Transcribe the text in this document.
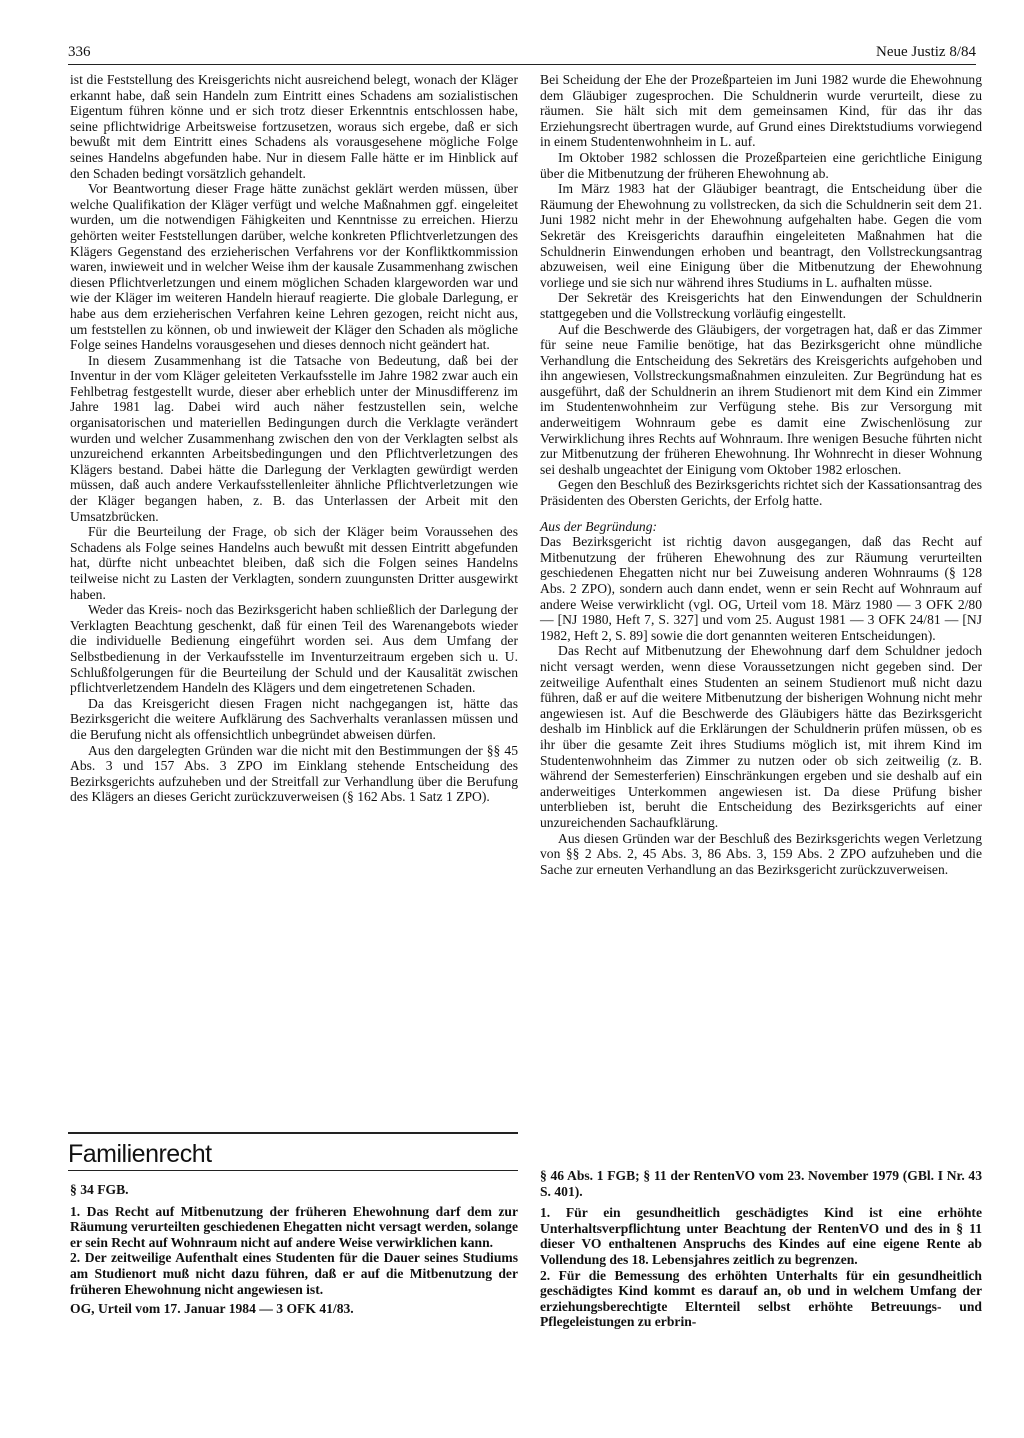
336	Neue Justiz 8/84

ist die Feststellung des Kreisgerichts nicht ausreichend belegt, wonach der Kläger erkannt habe, daß sein Handeln zum Eintritt eines Schadens am sozialistischen Eigentum führen könne und er sich trotz dieser Erkenntnis entschlossen habe, seine pflichtwidrige Arbeitsweise fortzusetzen, woraus sich ergebe, daß er sich bewußt mit dem Eintritt eines Schadens als vorausgesehene mögliche Folge seines Handelns abgefunden habe. Nur in diesem Falle hätte er im Hinblick auf den Schaden bedingt vorsätzlich gehandelt.

Vor Beantwortung dieser Frage hätte zunächst geklärt werden müssen, über welche Qualifikation der Kläger verfügt und welche Maßnahmen ggf. eingeleitet wurden, um die notwendigen Fähigkeiten und Kenntnisse zu erreichen. Hierzu gehörten weiter Feststellungen darüber, welche konkreten Pflichtverletzungen des Klägers Gegenstand des erzieherischen Verfahrens vor der Konfliktkommission waren, inwieweit und in welcher Weise ihm der kausale Zusammenhang zwischen diesen Pflichtverletzungen und einem möglichen Schaden klargeworden war und wie der Kläger im weiteren Handeln hierauf reagierte. Die globale Darlegung, er habe aus dem erzieherischen Verfahren keine Lehren gezogen, reicht nicht aus, um feststellen zu können, ob und inwieweit der Kläger den Schaden als mögliche Folge seines Handelns vorausgesehen und dieses dennoch nicht geändert hat.

In diesem Zusammenhang ist die Tatsache von Bedeutung, daß bei der Inventur in der vom Kläger geleiteten Verkaufsstelle im Jahre 1982 zwar auch ein Fehlbetrag festgestellt wurde, dieser aber erheblich unter der Minusdifferenz im Jahre 1981 lag. Dabei wird auch näher festzustellen sein, welche organisatorischen und materiellen Bedingungen durch die Verklagte verändert wurden und welcher Zusammenhang zwischen den von der Verklagten selbst als unzureichend erkannten Arbeitsbedingungen und den Pflichtverletzungen des Klägers bestand. Dabei hätte die Darlegung der Verklagten gewürdigt werden müssen, daß auch andere Verkaufsstellenleiter ähnliche Pflichtverletzungen wie der Kläger begangen haben, z. B. das Unterlassen der Arbeit mit den Umsatzbrücken.

Für die Beurteilung der Frage, ob sich der Kläger beim Voraussehen des Schadens als Folge seines Handelns auch bewußt mit dessen Eintritt abgefunden hat, dürfte nicht unbeachtet bleiben, daß sich die Folgen seines Handelns teilweise nicht zu Lasten der Verklagten, sondern zuungunsten Dritter ausgewirkt haben.

Weder das Kreis- noch das Bezirksgericht haben schließlich der Darlegung der Verklagten Beachtung geschenkt, daß für einen Teil des Warenangebots wieder die individuelle Bedienung eingeführt worden sei. Aus dem Umfang der Selbstbedienung in der Verkaufsstelle im Inventurzeitraum ergeben sich u. U. Schlußfolgerungen für die Beurteilung der Schuld und der Kausalität zwischen pflichtverletzendem Handeln des Klägers und dem eingetretenen Schaden.

Da das Kreisgericht diesen Fragen nicht nachgegangen ist, hätte das Bezirksgericht die weitere Aufklärung des Sachverhalts veranlassen müssen und die Berufung nicht als offensichtlich unbegründet abweisen dürfen.

Aus den dargelegten Gründen war die nicht mit den Bestimmungen der §§ 45 Abs. 3 und 157 Abs. 3 ZPO im Einklang stehende Entscheidung des Bezirksgerichts aufzuheben und der Streitfall zur Verhandlung über die Berufung des Klägers an dieses Gericht zurückzuverweisen (§ 162 Abs. 1 Satz 1 ZPO).

Bei Scheidung der Ehe der Prozeßparteien im Juni 1982 wurde die Ehewohnung dem Gläubiger zugesprochen. Die Schuldnerin wurde verurteilt, diese zu räumen. Sie hält sich mit dem gemeinsamen Kind, für das ihr das Erziehungsrecht übertragen wurde, auf Grund eines Direktstudiums vorwiegend in einem Studentenwohnheim in L. auf.

Im Oktober 1982 schlossen die Prozeßparteien eine gerichtliche Einigung über die Mitbenutzung der früheren Ehewohnung ab.

Im März 1983 hat der Gläubiger beantragt, die Entscheidung über die Räumung der Ehewohnung zu vollstrecken, da sich die Schuldnerin seit dem 21. Juni 1982 nicht mehr in der Ehewohnung aufgehalten habe. Gegen die vom Sekretär des Kreisgerichts daraufhin eingeleiteten Maßnahmen hat die Schuldnerin Einwendungen erhoben und beantragt, den Vollstreckungsantrag abzuweisen, weil eine Einigung über die Mitbenutzung der Ehewohnung vorliege und sie sich nur während ihres Studiums in L. aufhalten müsse.

Der Sekretär des Kreisgerichts hat den Einwendungen der Schuldnerin stattgegeben und die Vollstreckung vorläufig eingestellt.

Auf die Beschwerde des Gläubigers, der vorgetragen hat, daß er das Zimmer für seine neue Familie benötige, hat das Bezirksgericht ohne mündliche Verhandlung die Entscheidung des Sekretärs des Kreisgerichts aufgehoben und ihn angewiesen, Vollstreckungsmaßnahmen einzuleiten. Zur Begründung hat es ausgeführt, daß der Schuldnerin an ihrem Studienort mit dem Kind ein Zimmer im Studentenwohnheim zur Verfügung stehe. Bis zur Versorgung mit anderweitigem Wohnraum gebe es damit eine Zwischenlösung zur Verwirklichung ihres Rechts auf Wohnraum. Ihre wenigen Besuche führten nicht zur Mitbenutzung der früheren Ehewohnung. Ihr Wohnrecht in dieser Wohnung sei deshalb ungeachtet der Einigung vom Oktober 1982 erloschen.

Gegen den Beschluß des Bezirksgerichts richtet sich der Kassationsantrag des Präsidenten des Obersten Gerichts, der Erfolg hatte.

Aus der Begründung:

Das Bezirksgericht ist richtig davon ausgegangen, daß das Recht auf Mitbenutzung der früheren Ehewohnung des zur Räumung verurteilten geschiedenen Ehegatten nicht nur bei Zuweisung anderen Wohnraums (§ 128 Abs. 2 ZPO), sondern auch dann endet, wenn er sein Recht auf Wohnraum auf andere Weise verwirklicht (vgl. OG, Urteil vom 18. März 1980 — 3 OFK 2/80 — [NJ 1980, Heft 7, S. 327] und vom 25. August 1981 — 3 OFK 24/81 — [NJ 1982, Heft 2, S. 89] sowie die dort genannten weiteren Entscheidungen).

Das Recht auf Mitbenutzung der Ehewohnung darf dem Schuldner jedoch nicht versagt werden, wenn diese Voraussetzungen nicht gegeben sind. Der zeitweilige Aufenthalt eines Studenten an seinem Studienort muß nicht dazu führen, daß er auf die weitere Mitbenutzung der bisherigen Wohnung nicht mehr angewiesen ist. Auf die Beschwerde des Gläubigers hätte das Bezirksgericht deshalb im Hinblick auf die Erklärungen der Schuldnerin prüfen müssen, ob es ihr über die gesamte Zeit ihres Studiums möglich ist, mit ihrem Kind im Studentenwohnheim das Zimmer zu nutzen oder ob sich zeitweilig (z. B. während der Semesterferien) Einschränkungen ergeben und sie deshalb auf ein anderweitiges Unterkommen angewiesen ist. Da diese Prüfung bisher unterblieben ist, beruht die Entscheidung des Bezirksgerichts auf einer unzureichenden Sachaufklärung.

Aus diesen Gründen war der Beschluß des Bezirksgerichts wegen Verletzung von §§ 2 Abs. 2, 45 Abs. 3, 86 Abs. 3, 159 Abs. 2 ZPO aufzuheben und die Sache zur erneuten Verhandlung an das Bezirksgericht zurückzuverweisen.

Familienrecht

§ 34 FGB.

1. Das Recht auf Mitbenutzung der früheren Ehewohnung darf dem zur Räumung verurteilten geschiedenen Ehegatten nicht versagt werden, solange er sein Recht auf Wohnraum nicht auf andere Weise verwirklichen kann.

2. Der zeitweilige Aufenthalt eines Studenten für die Dauer seines Studiums am Studienort muß nicht dazu führen, daß er auf die Mitbenutzung der früheren Ehewohnung nicht angewiesen ist.

OG, Urteil vom 17. Januar 1984 — 3 OFK 41/83.

§ 46 Abs. 1 FGB; § 11 der RentenVO vom 23. November 1979 (GBl. I Nr. 43 S. 401).

1. Für ein gesundheitlich geschädigtes Kind ist eine erhöhte Unterhaltsverpflichtung unter Beachtung der RentenVO und des in § 11 dieser VO enthaltenen Anspruchs des Kindes auf eine eigene Rente ab Vollendung des 18. Lebensjahres zeitlich zu begrenzen.

2. Für die Bemessung des erhöhten Unterhalts für ein gesundheitlich geschädigtes Kind kommt es darauf an, ob und in welchem Umfang der erziehungsberechtigte Elternteil selbst erhöhte Betreuungs- und Pflegeleistungen zu erbrin-
